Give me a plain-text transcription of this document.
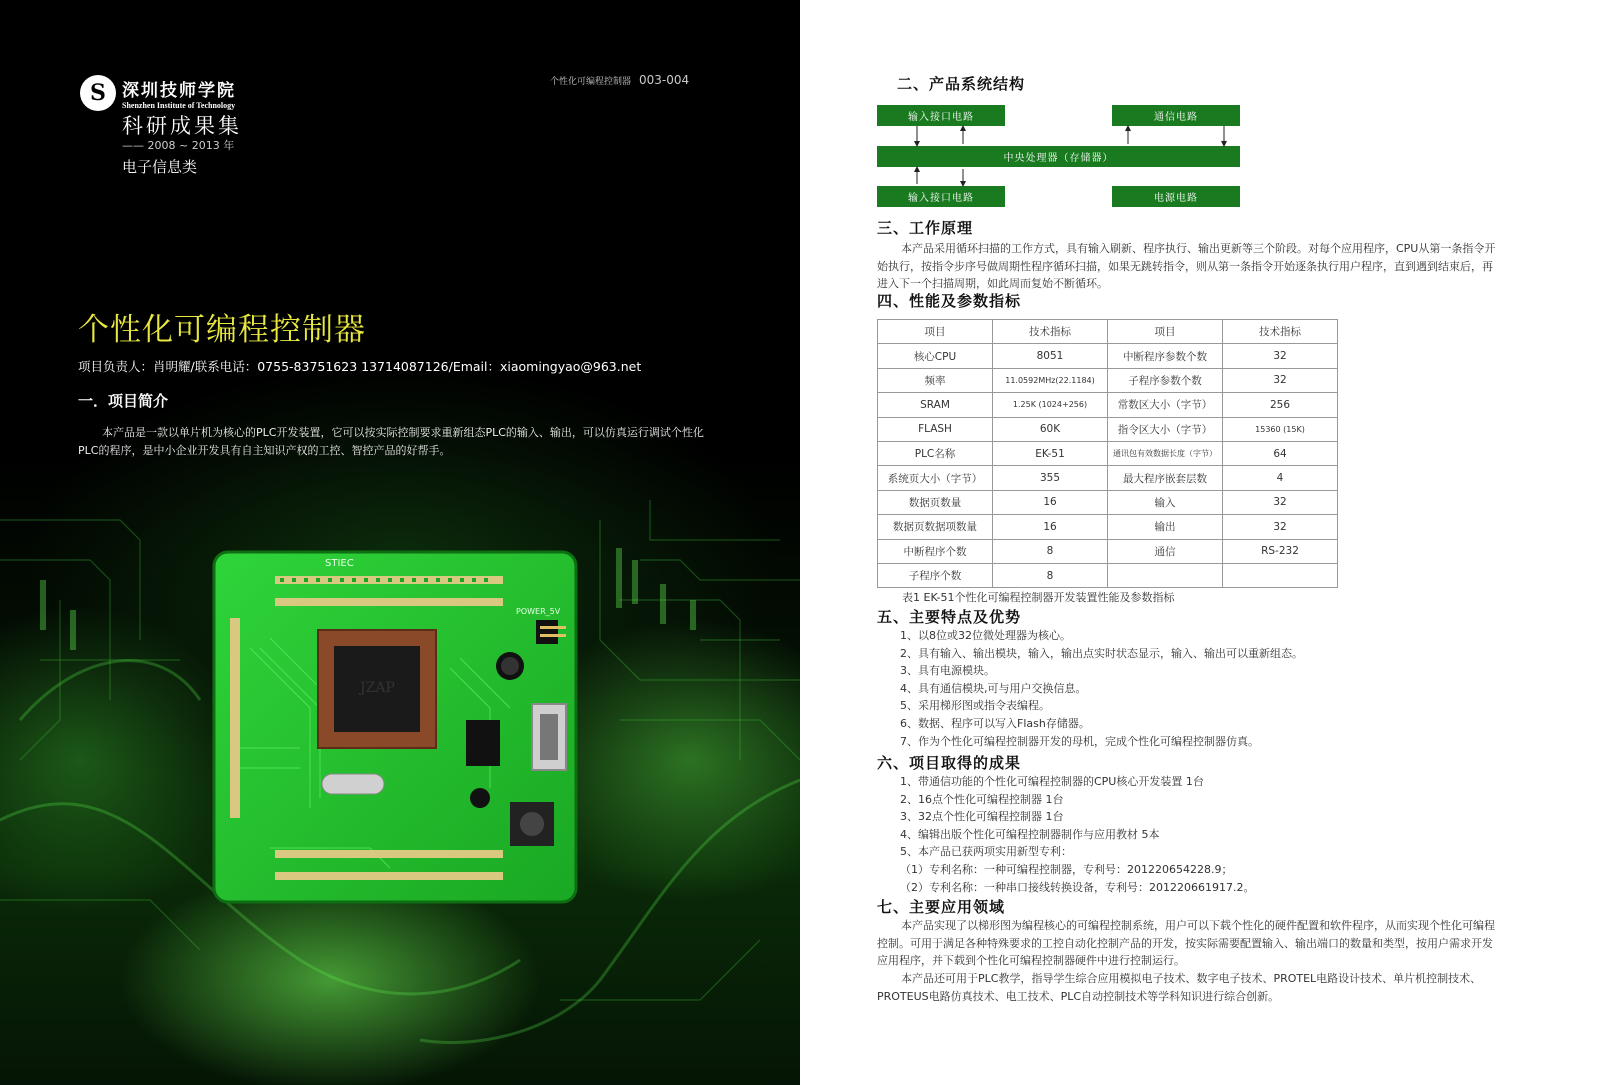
S 深圳技师学院
Shenzhen Institute of Technology
科研成果集
—— 2008 ~ 2013 年
电子信息类
个性化可编程控制器 003-004
个性化可编程控制器
项目负责人：肖明耀/联系电话：0755-83751623 13714087126/Email：xiaomingyao@963.net
一．项目简介
本产品是一款以单片机为核心的PLC开发装置，它可以按实际控制要求重新组态PLC的输入、输出，可以仿真运行调试个性化PLC的程序，是中小企业开发具有自主知识产权的工控、智控产品的好帮手。
STIEC
POWER_5V
JZAP
二、产品系统结构
输入接口电路	通信电路
中央处理器（存储器）
输入接口电路	电源电路
三、工作原理
本产品采用循环扫描的工作方式，具有输入刷新、程序执行、输出更新等三个阶段。对每个应用程序，CPU从第一条指令开始执行，按指令步序号做周期性程序循环扫描，如果无跳转指令，则从第一条指令开始逐条执行用户程序，直到遇到结束后，再进入下一个扫描周期，如此周而复始不断循环。
四、性能及参数指标
项目	技术指标	项目	技术指标
核心CPU	8051	中断程序参数个数	32
频率	11.0592MHz(22.1184)	子程序参数个数	32
SRAM	1.25K (1024+256)	常数区大小（字节）	256
FLASH	60K	指令区大小（字节）	15360 (15K)
PLC名称	EK-51	通讯包有效数据长度（字节）	64
系统页大小（字节）	355	最大程序嵌套层数	4
数据页数量	16	输入	32
数据页数据项数量	16	输出	32
中断程序个数	8	通信	RS-232
子程序个数	8		
表1 EK-51个性化可编程控制器开发装置性能及参数指标
五、主要特点及优势
1、以8位或32位微处理器为核心。
2、具有输入、输出模块，输入，输出点实时状态显示，输入、输出可以重新组态。
3、具有电源模块。
4、具有通信模块,可与用户交换信息。
5、采用梯形图或指令表编程。
6、数据、程序可以写入Flash存储器。
7、作为个性化可编程控制器开发的母机，完成个性化可编程控制器仿真。
六、项目取得的成果
1、带通信功能的个性化可编程控制器的CPU核心开发装置 1台
2、16点个性化可编程控制器 1台
3、32点个性化可编程控制器 1台
4、编辑出版个性化可编程控制器制作与应用教材 5本
5、本产品已获两项实用新型专利：
（1）专利名称：一种可编程控制器，专利号：201220654228.9；
（2）专利名称：一种串口接线转换设备，专利号：201220661917.2。
七、主要应用领域
本产品实现了以梯形图为编程核心的可编程控制系统，用户可以下载个性化的硬件配置和软件程序，从而实现个性化可编程控制。可用于满足各种特殊要求的工控自动化控制产品的开发，按实际需要配置输入、输出端口的数量和类型，按用户需求开发应用程序，并下载到个性化可编程控制器硬件中进行控制运行。
本产品还可用于PLC教学，指导学生综合应用模拟电子技术、数字电子技术、PROTEL电路设计技术、单片机控制技术、PROTEUS电路仿真技术、电工技术、PLC自动控制技术等学科知识进行综合创新。
